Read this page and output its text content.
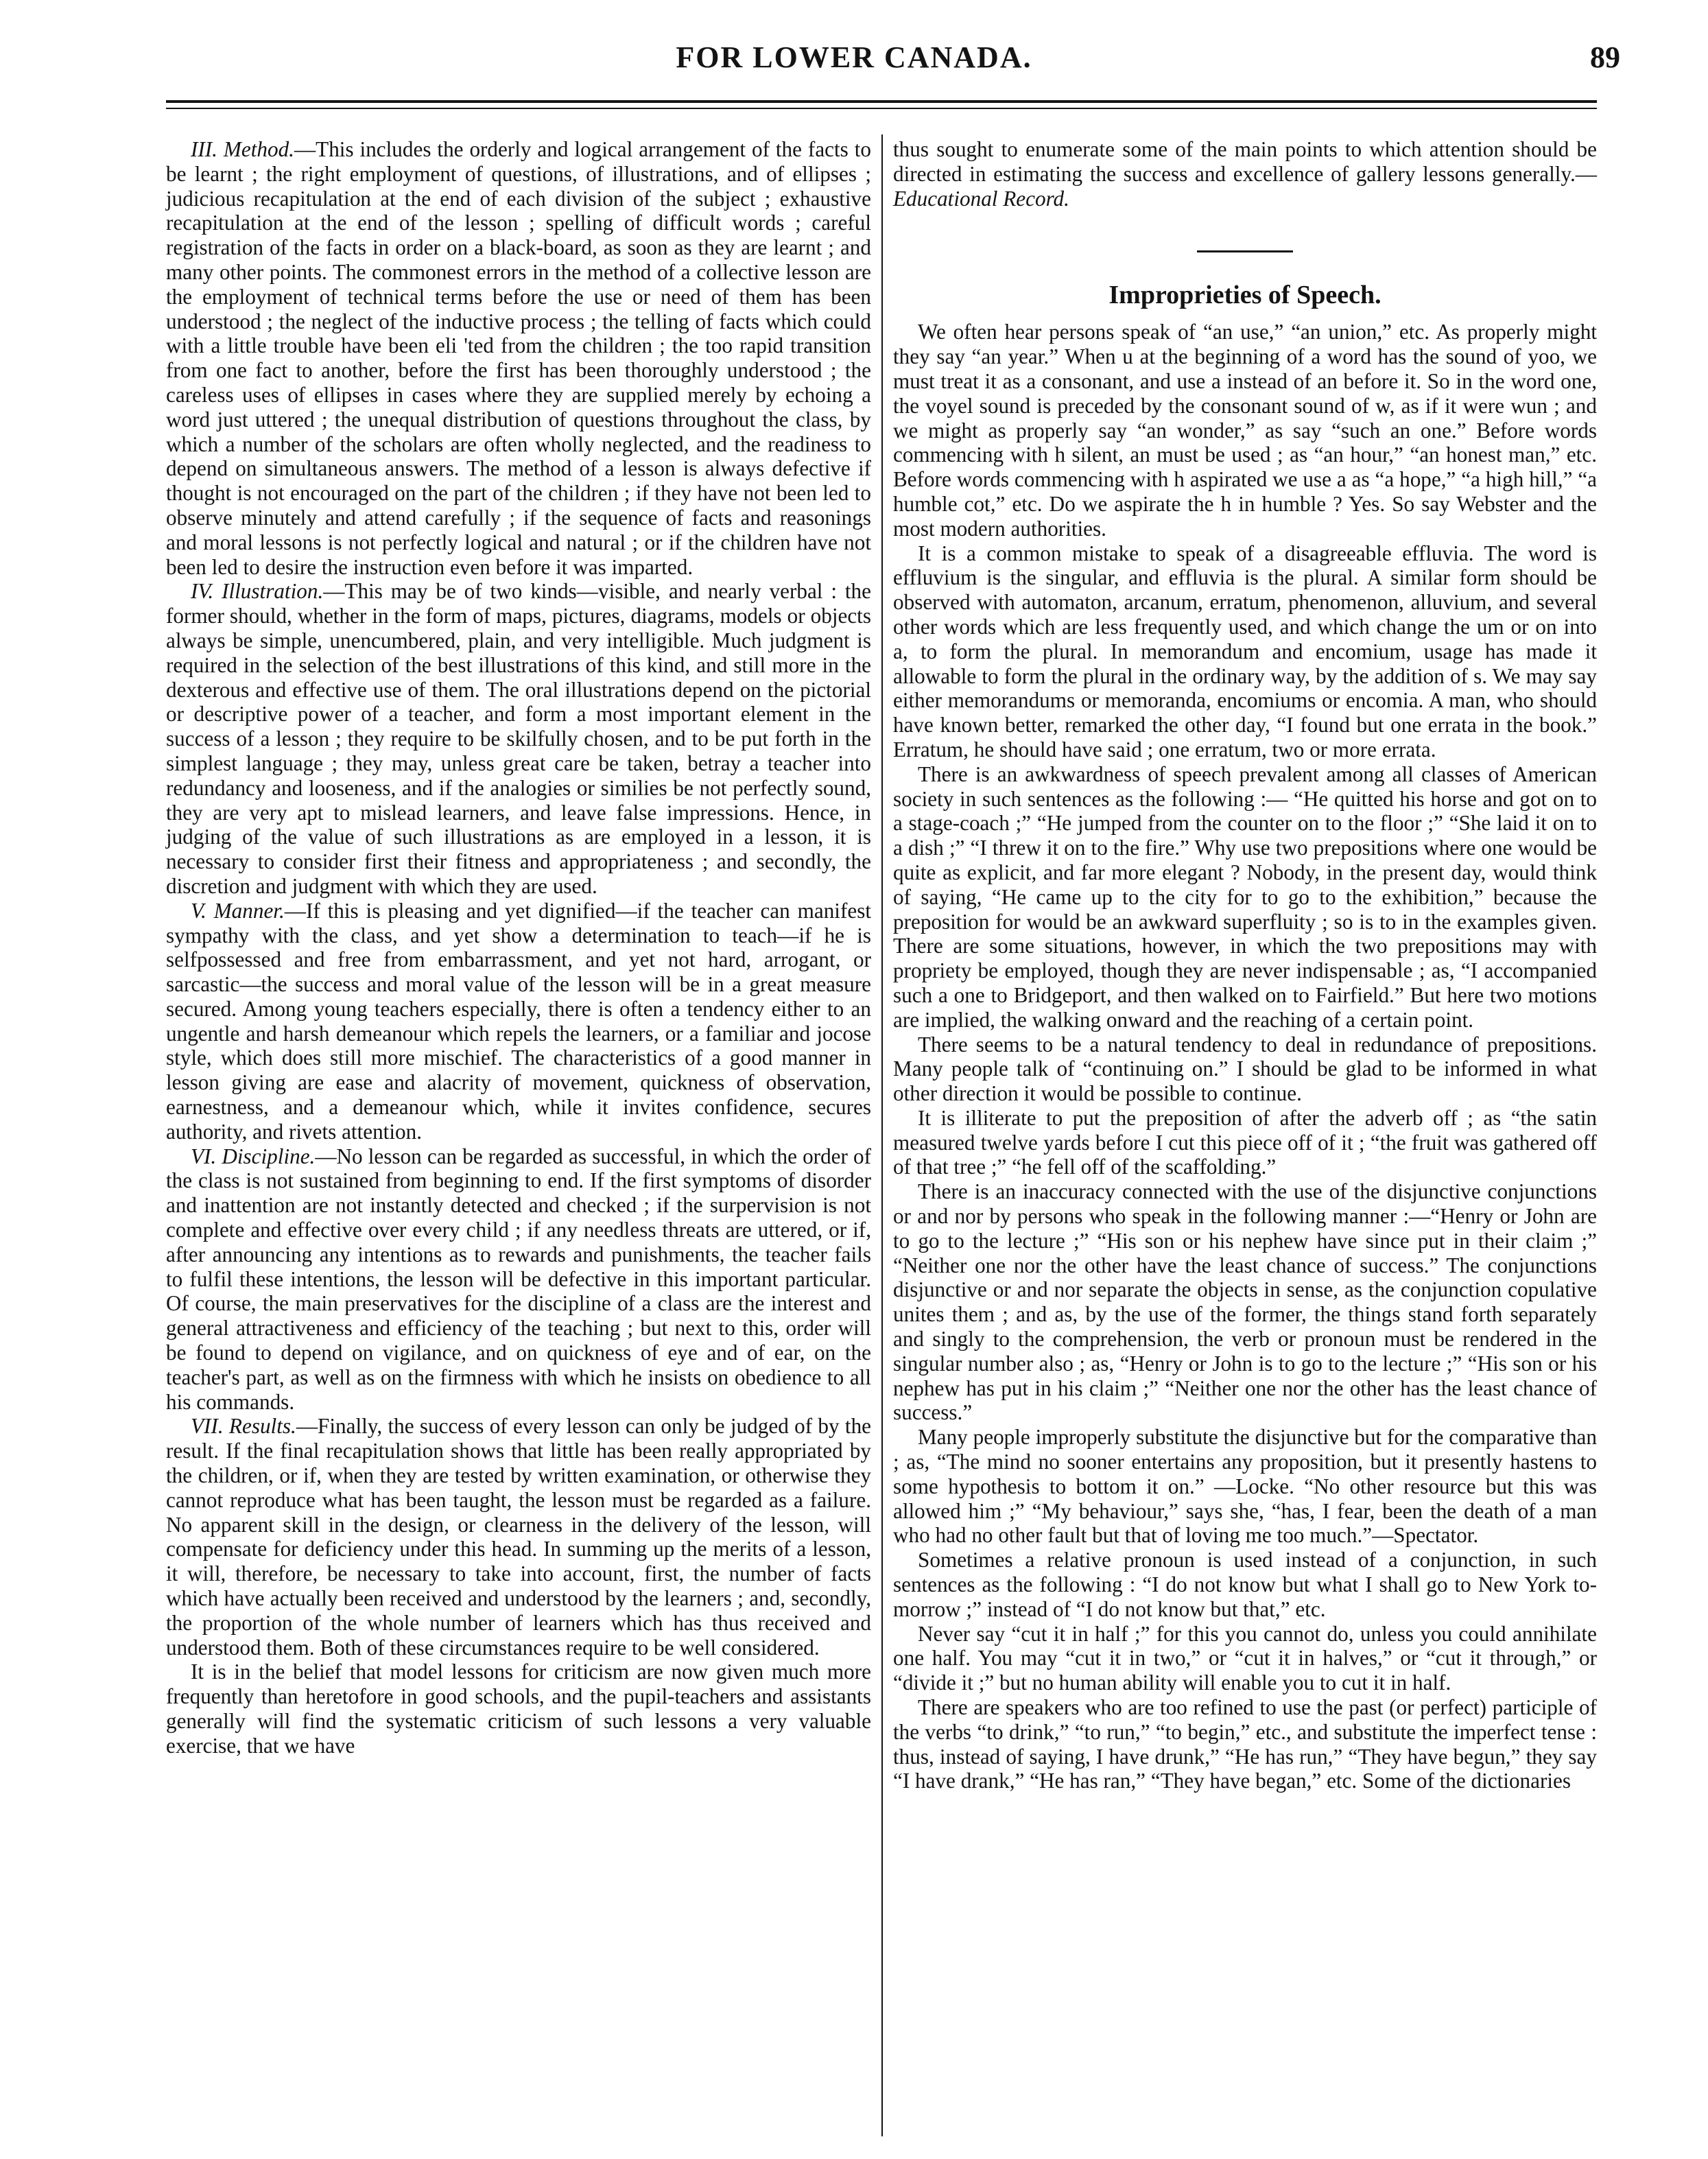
FOR LOWER CANADA.	89

III. Method.—This includes the orderly and logical arrangement of the facts to be learnt ; the right employment of questions, of illustrations, and of ellipses ; judicious recapitulation at the end of each division of the subject ; exhaustive recapitulation at the end of the lesson ; spelling of difficult words ; careful registration of the facts in order on a black-board, as soon as they are learnt ; and many other points. The commonest errors in the method of a collective lesson are the employment of technical terms before the use or need of them has been understood ; the neglect of the inductive process ; the telling of facts which could with a little trouble have been eli 'ted from the children ; the too rapid transition from one fact to another, before the first has been thoroughly understood ; the careless uses of ellipses in cases where they are supplied merely by echoing a word just uttered ; the unequal distribution of questions throughout the class, by which a number of the scholars are often wholly neglected, and the readiness to depend on simultaneous answers. The method of a lesson is always defective if thought is not encouraged on the part of the children ; if they have not been led to observe minutely and attend carefully ; if the sequence of facts and reasonings and moral lessons is not perfectly logical and natural ; or if the children have not been led to desire the instruction even before it was imparted.

IV. Illustration.—This may be of two kinds—visible, and nearly verbal : the former should, whether in the form of maps, pictures, diagrams, models or objects always be simple, unencumbered, plain, and very intelligible. Much judgment is required in the selection of the best illustrations of this kind, and still more in the dexterous and effective use of them. The oral illustrations depend on the pictorial or descriptive power of a teacher, and form a most important element in the success of a lesson ; they require to be skilfully chosen, and to be put forth in the simplest language ; they may, unless great care be taken, betray a teacher into redundancy and looseness, and if the analogies or similies be not perfectly sound, they are very apt to mislead learners, and leave false impressions. Hence, in judging of the value of such illustrations as are employed in a lesson, it is necessary to consider first their fitness and appropriateness ; and secondly, the discretion and judgment with which they are used.

V. Manner.—If this is pleasing and yet dignified—if the teacher can manifest sympathy with the class, and yet show a determination to teach—if he is selfpossessed and free from embarrassment, and yet not hard, arrogant, or sarcastic—the success and moral value of the lesson will be in a great measure secured. Among young teachers especially, there is often a tendency either to an ungentle and harsh demeanour which repels the learners, or a familiar and jocose style, which does still more mischief. The characteristics of a good manner in lesson giving are ease and alacrity of movement, quickness of observation, earnestness, and a demeanour which, while it invites confidence, secures authority, and rivets attention.

VI. Discipline.—No lesson can be regarded as successful, in which the order of the class is not sustained from beginning to end. If the first symptoms of disorder and inattention are not instantly detected and checked ; if the surpervision is not complete and effective over every child ; if any needless threats are uttered, or if, after announcing any intentions as to rewards and punishments, the teacher fails to fulfil these intentions, the lesson will be defective in this important particular. Of course, the main preservatives for the discipline of a class are the interest and general attractiveness and efficiency of the teaching ; but next to this, order will be found to depend on vigilance, and on quickness of eye and of ear, on the teacher's part, as well as on the firmness with which he insists on obedience to all his commands.

VII. Results.—Finally, the success of every lesson can only be judged of by the result. If the final recapitulation shows that little has been really appropriated by the children, or if, when they are tested by written examination, or otherwise they cannot reproduce what has been taught, the lesson must be regarded as a failure. No apparent skill in the design, or clearness in the delivery of the lesson, will compensate for deficiency under this head. In summing up the merits of a lesson, it will, therefore, be necessary to take into account, first, the number of facts which have actually been received and understood by the learners ; and, secondly, the proportion of the whole number of learners which has thus received and understood them. Both of these circumstances require to be well considered.

It is in the belief that model lessons for criticism are now given much more frequently than heretofore in good schools, and the pupil-teachers and assistants generally will find the systematic criticism of such lessons a very valuable exercise, that we have

thus sought to enumerate some of the main points to which attention should be directed in estimating the success and excellence of gallery lessons generally.—Educational Record.

Improprieties of Speech.

We often hear persons speak of “an use,” “an union,” etc. As properly might they say “an year.” When u at the beginning of a word has the sound of yoo, we must treat it as a consonant, and use a instead of an before it. So in the word one, the voyel sound is preceded by the consonant sound of w, as if it were wun ; and we might as properly say “an wonder,” as say “such an one.” Before words commencing with h silent, an must be used ; as “an hour,” “an honest man,” etc. Before words commencing with h aspirated we use a as “a hope,” “a high hill,” “a humble cot,” etc. Do we aspirate the h in humble ? Yes. So say Webster and the most modern authorities.

It is a common mistake to speak of a disagreeable effluvia. The word is effluvium is the singular, and effluvia is the plural. A similar form should be observed with automaton, arcanum, erratum, phenomenon, alluvium, and several other words which are less frequently used, and which change the um or on into a, to form the plural. In memorandum and encomium, usage has made it allowable to form the plural in the ordinary way, by the addition of s. We may say either memorandums or memoranda, encomiums or encomia. A man, who should have known better, remarked the other day, “I found but one errata in the book.” Erratum, he should have said ; one erratum, two or more errata.

There is an awkwardness of speech prevalent among all classes of American society in such sentences as the following :— “He quitted his horse and got on to a stage-coach ;” “He jumped from the counter on to the floor ;” “She laid it on to a dish ;” “I threw it on to the fire.” Why use two prepositions where one would be quite as explicit, and far more elegant ? Nobody, in the present day, would think of saying, “He came up to the city for to go to the exhibition,” because the preposition for would be an awkward superfluity ; so is to in the examples given. There are some situations, however, in which the two prepositions may with propriety be employed, though they are never indispensable ; as, “I accompanied such a one to Bridgeport, and then walked on to Fairfield.” But here two motions are implied, the walking onward and the reaching of a certain point.

There seems to be a natural tendency to deal in redundance of prepositions. Many people talk of “continuing on.” I should be glad to be informed in what other direction it would be possible to continue.

It is illiterate to put the preposition of after the adverb off ; as “the satin measured twelve yards before I cut this piece off of it ; “the fruit was gathered off of that tree ;” “he fell off of the scaffolding.”

There is an inaccuracy connected with the use of the disjunctive conjunctions or and nor by persons who speak in the following manner :—“Henry or John are to go to the lecture ;” “His son or his nephew have since put in their claim ;” “Neither one nor the other have the least chance of success.” The conjunctions disjunctive or and nor separate the objects in sense, as the conjunction copulative unites them ; and as, by the use of the former, the things stand forth separately and singly to the comprehension, the verb or pronoun must be rendered in the singular number also ; as, “Henry or John is to go to the lecture ;” “His son or his nephew has put in his claim ;” “Neither one nor the other has the least chance of success.”

Many people improperly substitute the disjunctive but for the comparative than ; as, “The mind no sooner entertains any proposition, but it presently hastens to some hypothesis to bottom it on.” —Locke. “No other resource but this was allowed him ;” “My behaviour,” says she, “has, I fear, been the death of a man who had no other fault but that of loving me too much.”—Spectator.

Sometimes a relative pronoun is used instead of a conjunction, in such sentences as the following : “I do not know but what I shall go to New York to-morrow ;” instead of “I do not know but that,” etc.

Never say “cut it in half ;” for this you cannot do, unless you could annihilate one half. You may “cut it in two,” or “cut it in halves,” or “cut it through,” or “divide it ;” but no human ability will enable you to cut it in half.

There are speakers who are too refined to use the past (or perfect) participle of the verbs “to drink,” “to run,” “to begin,” etc., and substitute the imperfect tense : thus, instead of saying, I have drunk,” “He has run,” “They have begun,” they say “I have drank,” “He has ran,” “They have began,” etc. Some of the dictionaries
